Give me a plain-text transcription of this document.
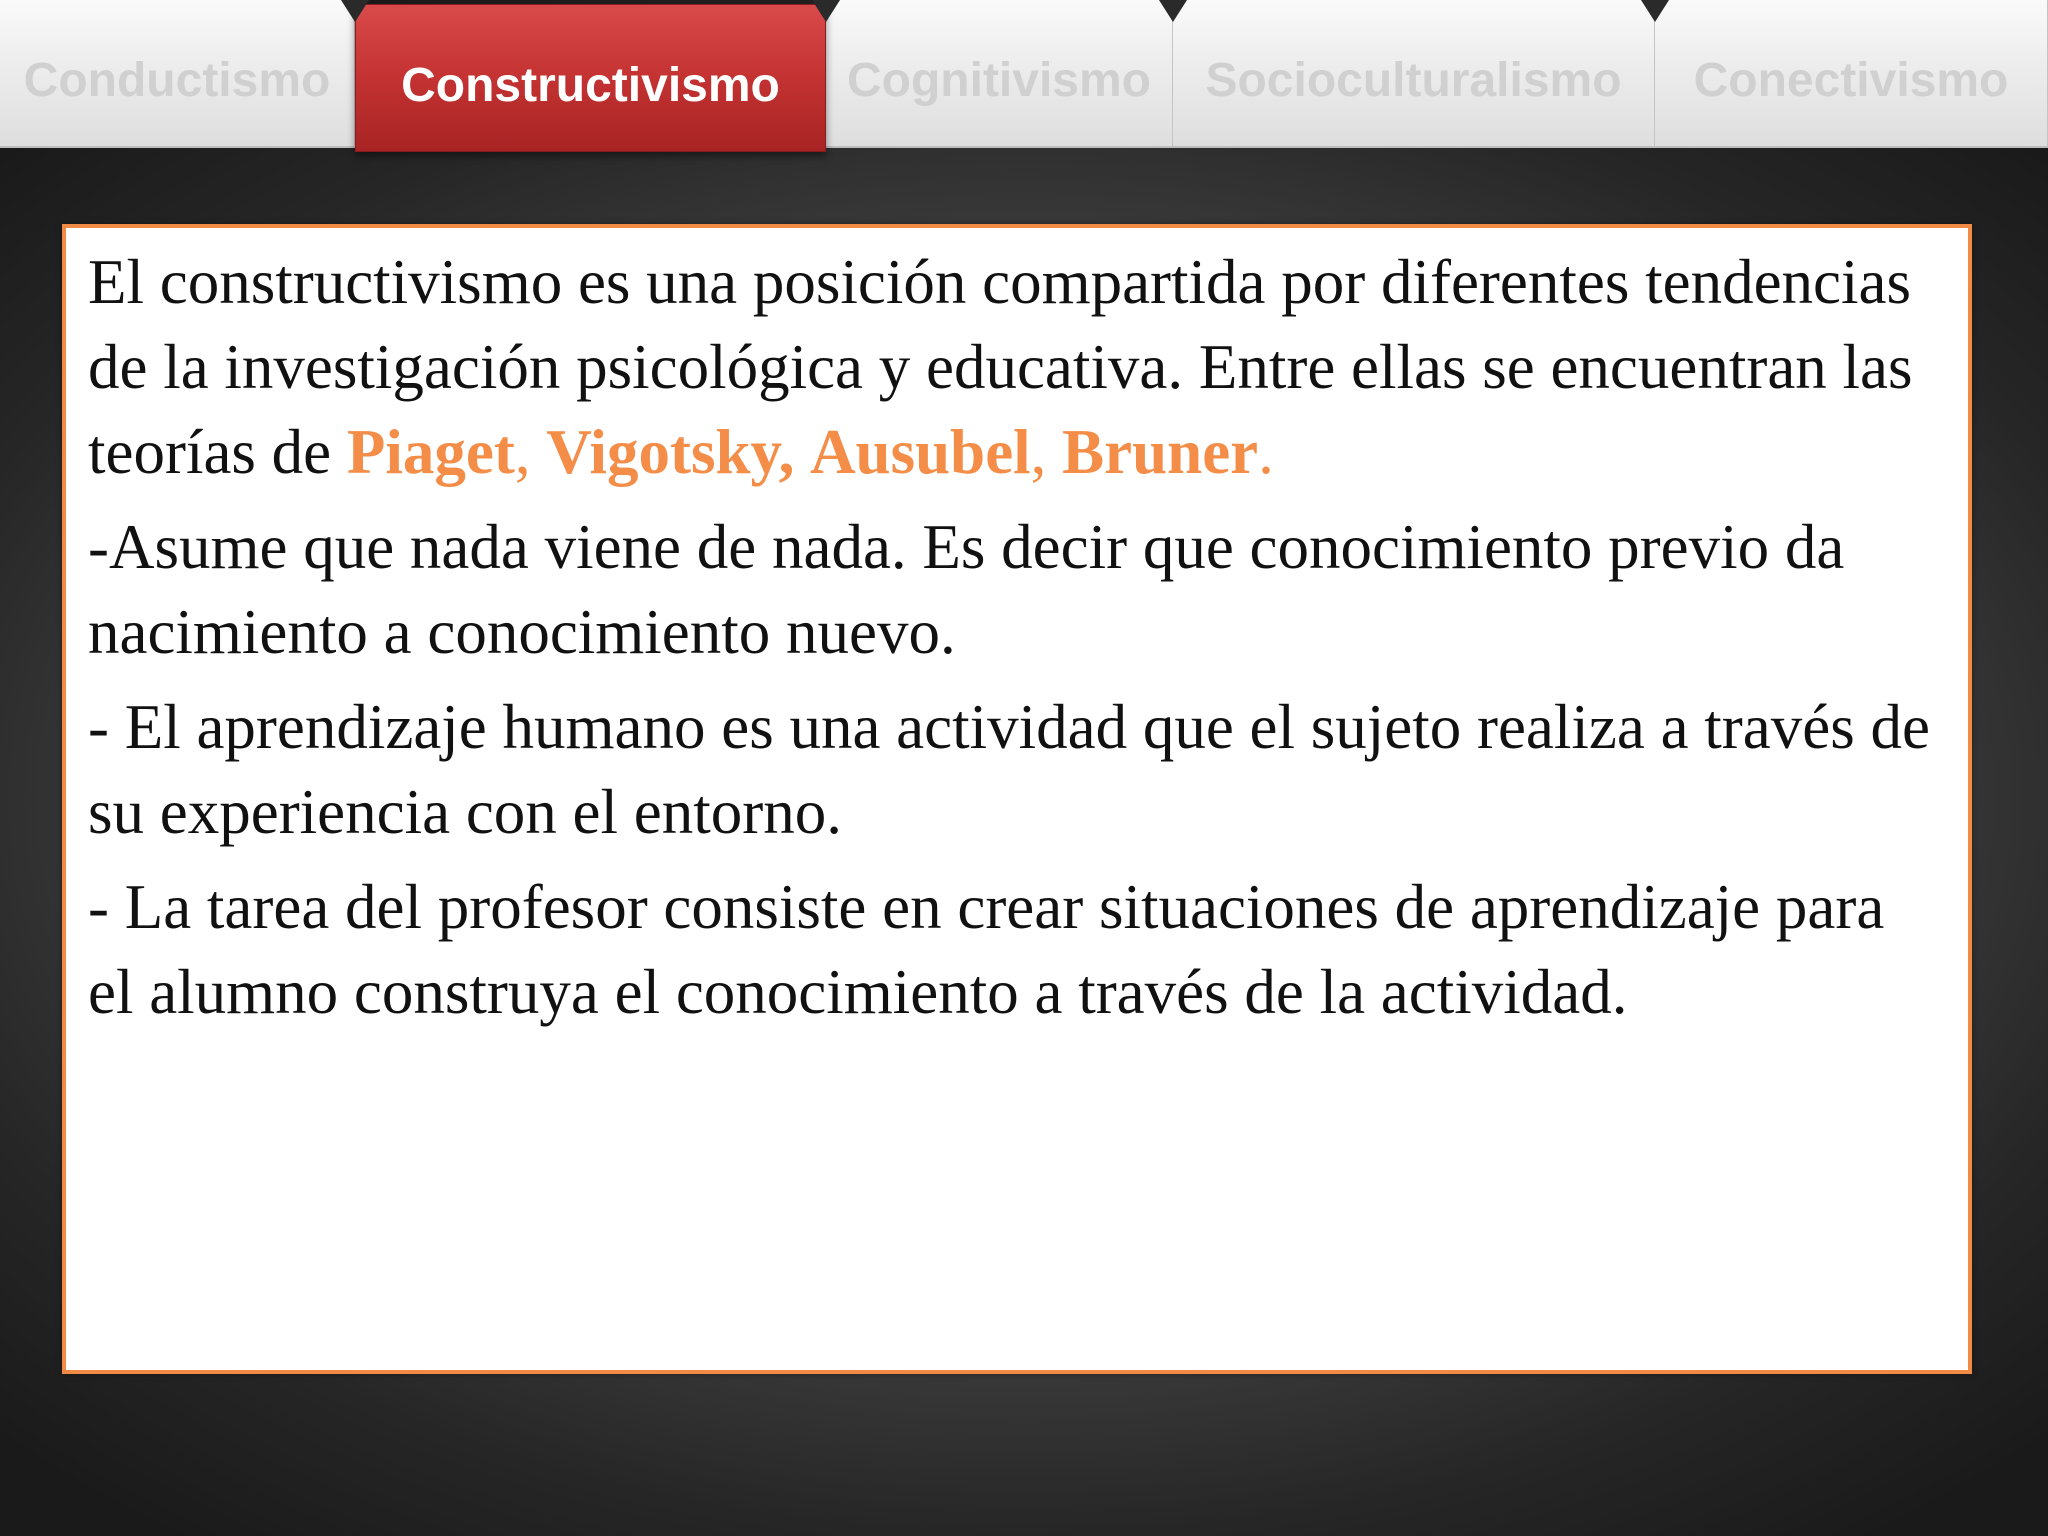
Conductismo	Cognitivismo	Socioculturalismo	Conectivismo
Constructivismo

El constructivismo es una posición compartida por diferentes tendencias de la investigación psicológica y educativa. Entre ellas se encuentran las teorías de Piaget, Vigotsky, Ausubel, Bruner.

-Asume que nada viene de nada. Es decir que conocimiento previo da nacimiento a conocimiento nuevo.

- El aprendizaje humano es una actividad que el sujeto realiza a través de su experiencia con el entorno.

- La tarea del profesor consiste en crear situaciones de aprendizaje para el alumno construya el conocimiento a través de la actividad.
